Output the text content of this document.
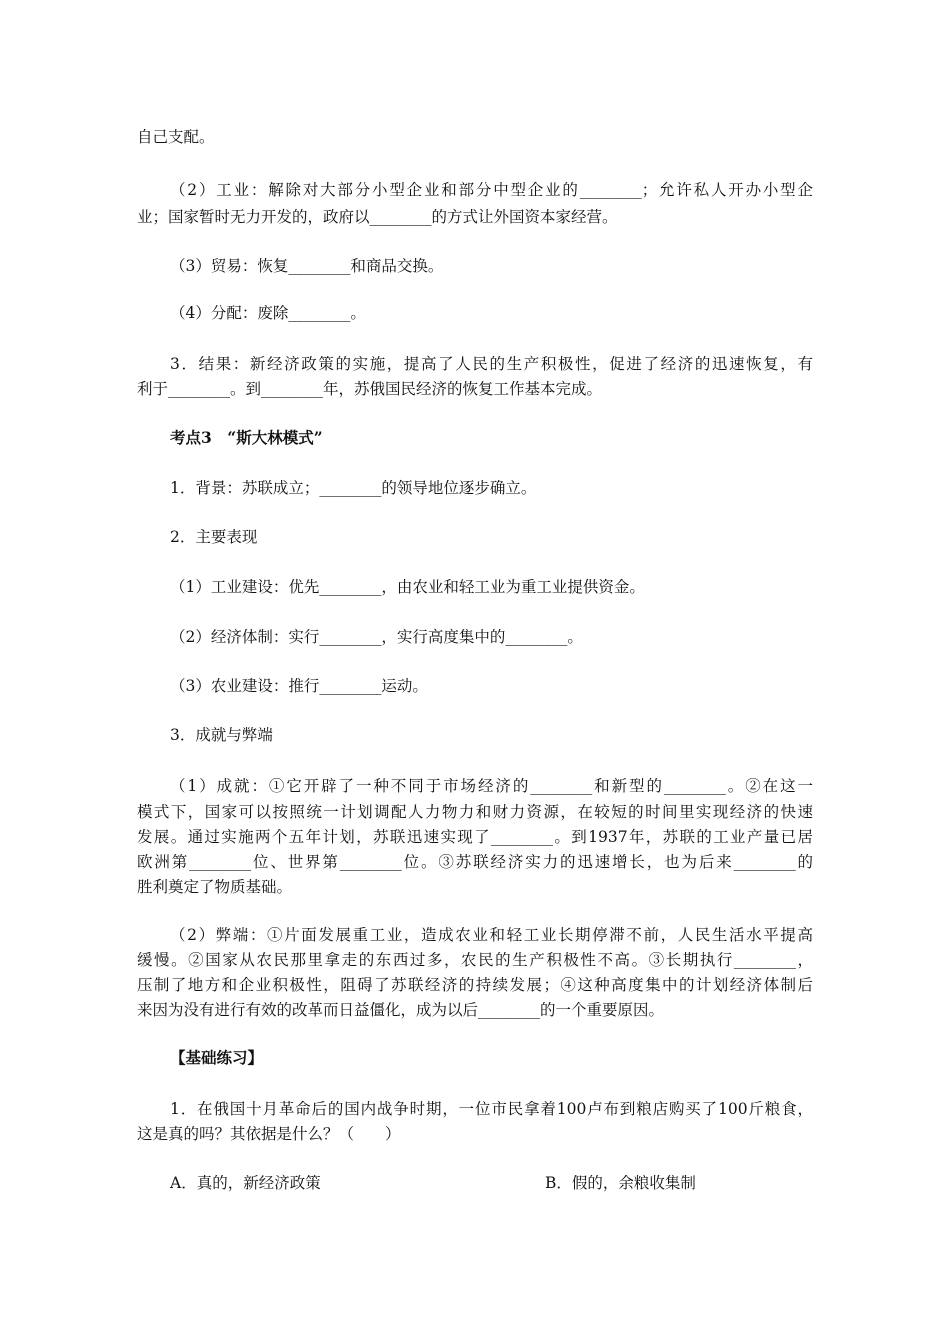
自己支配。
（2）工业：解除对大部分小型企业和部分中型企业的________；允许私人开办小型企
业；国家暂时无力开发的，政府以________的方式让外国资本家经营。
（3）贸易：恢复________和商品交换。
（4）分配：废除________。
3．结果：新经济政策的实施，提高了人民的生产积极性，促进了经济的迅速恢复，有
利于________。到________年，苏俄国民经济的恢复工作基本完成。
考点3　“斯大林模式”
1．背景：苏联成立；________的领导地位逐步确立。
2．主要表现
（1）工业建设：优先________，由农业和轻工业为重工业提供资金。
（2）经济体制：实行________，实行高度集中的________。
（3）农业建设：推行________运动。
3．成就与弊端
（1）成就：①它开辟了一种不同于市场经济的________和新型的________。②在这一
模式下，国家可以按照统一计划调配人力物力和财力资源，在较短的时间里实现经济的快速
发展。通过实施两个五年计划，苏联迅速实现了________。到1937年，苏联的工业产量已居
欧洲第________位、世界第________位。③苏联经济实力的迅速增长，也为后来________的
胜利奠定了物质基础。
（2）弊端：①片面发展重工业，造成农业和轻工业长期停滞不前，人民生活水平提高
缓慢。②国家从农民那里拿走的东西过多，农民的生产积极性不高。③长期执行________，
压制了地方和企业积极性，阻碍了苏联经济的持续发展；④这种高度集中的计划经济体制后
来因为没有进行有效的改革而日益僵化，成为以后________的一个重要原因。
【基础练习】
1．在俄国十月革命后的国内战争时期，一位市民拿着100卢布到粮店购买了100斤粮食，
这是真的吗？其依据是什么？（　　）
A．真的，新经济政策	B．假的，余粮收集制
